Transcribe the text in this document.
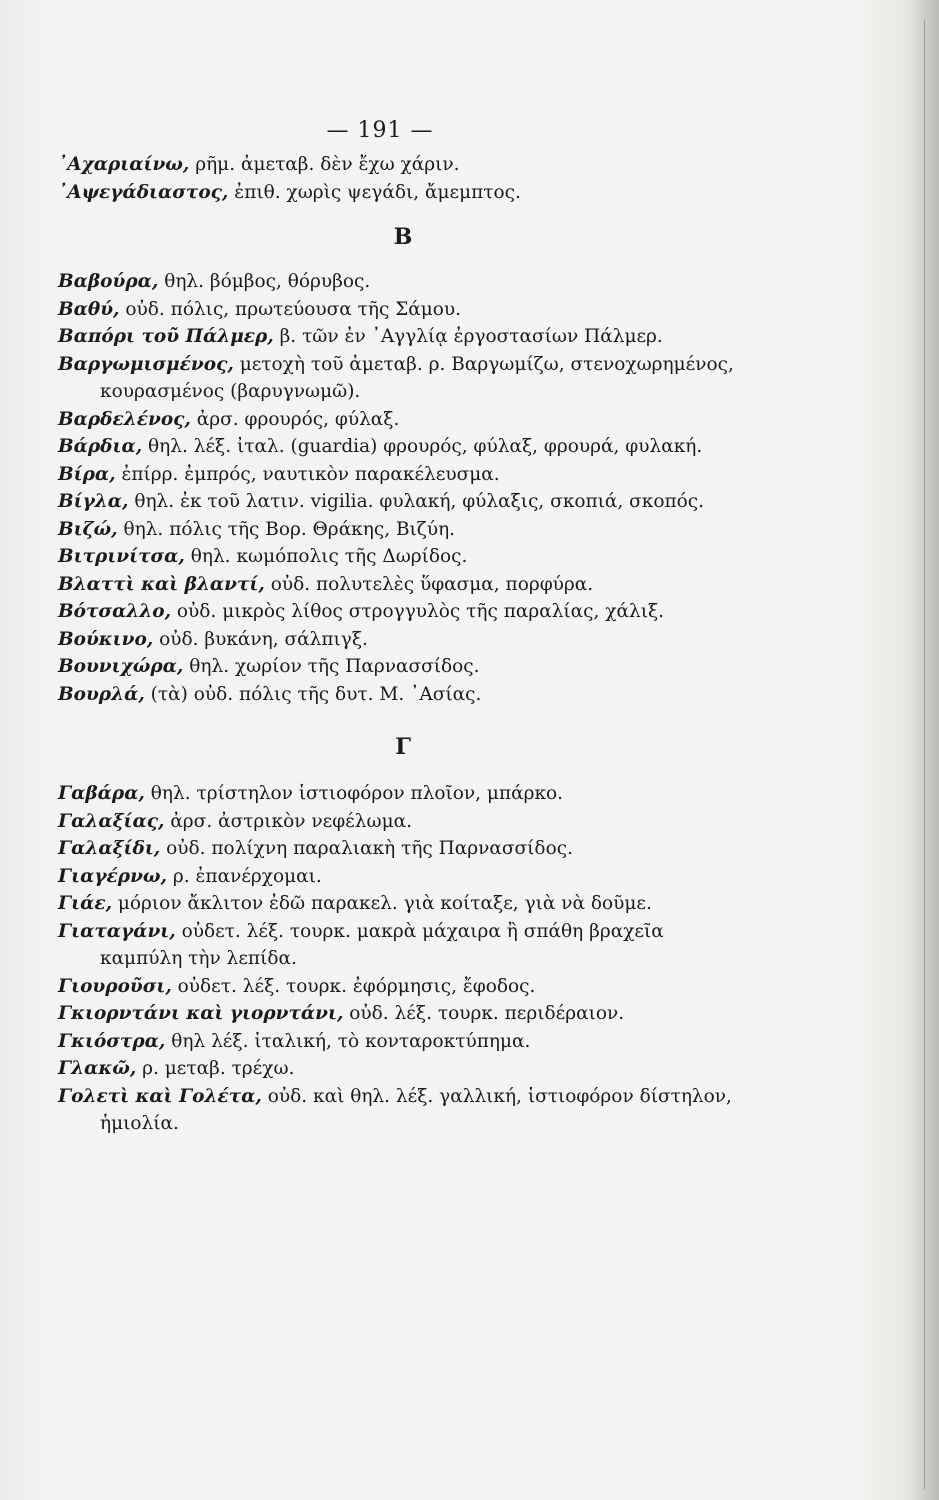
— 191 —
᾿Αχαριαίνω, ρῆμ. ἀμεταβ. δὲν ἔχω χάριν.
᾿Αψεγάδιαστος, ἐπιθ. χωρὶς ψεγάδι, ἄμεμπτος.
Β
Βαβούρα, θηλ. βόμβος, θόρυβος.
Βαθύ, οὐδ. πόλις, πρωτεύουσα τῆς Σάμου.
Βαπόρι τοῦ Πάλμερ, β. τῶν ἐν ᾿Αγγλίᾳ ἐργοστασίων Πάλμερ.
Βαργωμισμένος, μετοχὴ τοῦ ἀμεταβ. ρ. Βαργωμίζω, στενοχωρημένος, κουρασμένος (βαρυγνωμῶ).
Βαρδελένος, ἀρσ. φρουρός, φύλαξ.
Βάρδια, θηλ. λέξ. ἰταλ. (guardia) φρουρός, φύλαξ, φρουρά, φυλακή.
Βίρα, ἐπίρρ. ἐμπρός, ναυτικὸν παρακέλευσμα.
Βίγλα, θηλ. ἐκ τοῦ λατιν. vigilia. φυλακή, φύλαξις, σκοπιά, σκοπός.
Βιζώ, θηλ. πόλις τῆς Βορ. Θράκης, Βιζύη.
Βιτρινίτσα, θηλ. κωμόπολις τῆς Δωρίδος.
Βλαττὶ καὶ βλαντί, οὐδ. πολυτελὲς ὕφασμα, πορφύρα.
Βότσαλλο, οὐδ. μικρὸς λίθος στρογγυλὸς τῆς παραλίας, χάλιξ.
Βούκινο, οὐδ. βυκάνη, σάλπιγξ.
Βουνιχώρα, θηλ. χωρίον τῆς Παρνασσίδος.
Βουρλά, (τὰ) οὐδ. πόλις τῆς δυτ. Μ. ᾿Ασίας.
Γ
Γαβάρα, θηλ. τρίστηλον ἱστιοφόρον πλοῖον, μπάρκο.
Γαλαξίας, ἀρσ. ἀστρικὸν νεφέλωμα.
Γαλαξίδι, οὐδ. πολίχνη παραλιακὴ τῆς Παρνασσίδος.
Γιαγέρνω, ρ. ἐπανέρχομαι.
Γιάε, μόριον ἄκλιτον ἐδῶ παρακελ. γιὰ κοίταξε, γιὰ νὰ δοῦμε.
Γιαταγάνι, οὐδετ. λέξ. τουρκ. μακρὰ μάχαιρα ἢ σπάθη βραχεῖα καμπύλη τὴν λεπίδα.
Γιουροῦσι, οὐδετ. λέξ. τουρκ. ἐφόρμησις, ἔφοδος.
Γκιορντάνι καὶ γιορντάνι, οὐδ. λέξ. τουρκ. περιδέραιον.
Γκιόστρα, θηλ λέξ. ἰταλική, τὸ κονταροκτύπημα.
Γλακῶ, ρ. μεταβ. τρέχω.
Γολετὶ καὶ Γολέτα, οὐδ. καὶ θηλ. λέξ. γαλλική, ἱστιοφόρον δίστηλον, ἡμιολία.
